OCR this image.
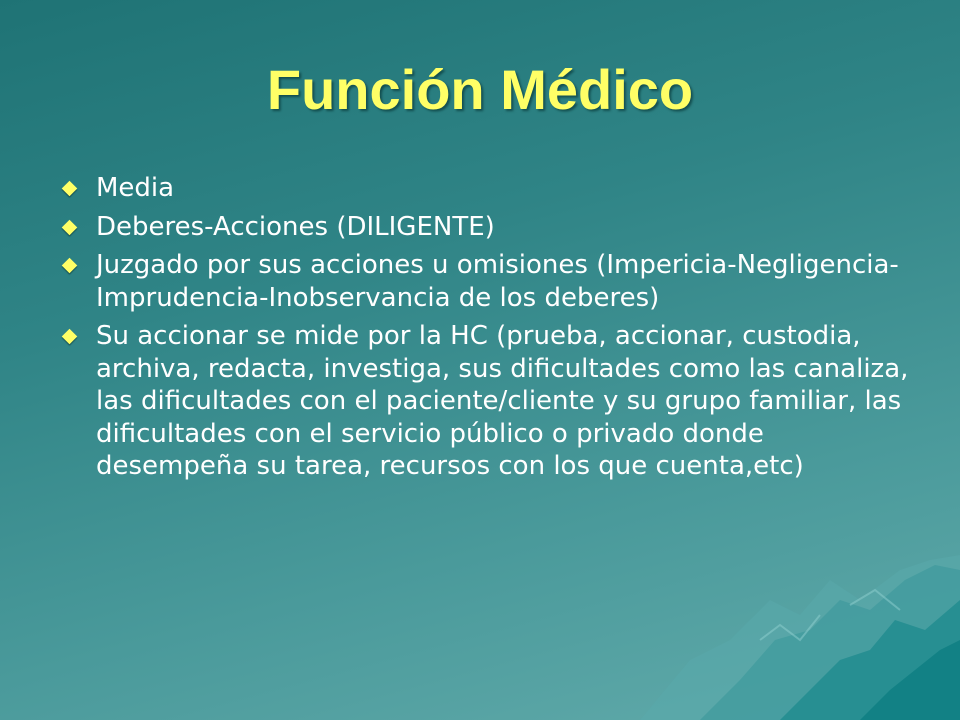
Función Médico
Media
Deberes-Acciones (DILIGENTE)
Juzgado por sus acciones u omisiones (Impericia-Negligencia-Imprudencia-Inobservancia de los deberes)
Su accionar se mide por la HC (prueba, accionar, custodia, archiva, redacta, investiga, sus dificultades como las canaliza, las dificultades con el paciente/cliente y su grupo familiar, las dificultades con el servicio público o privado donde desempeña su tarea, recursos con los que cuenta,etc)
